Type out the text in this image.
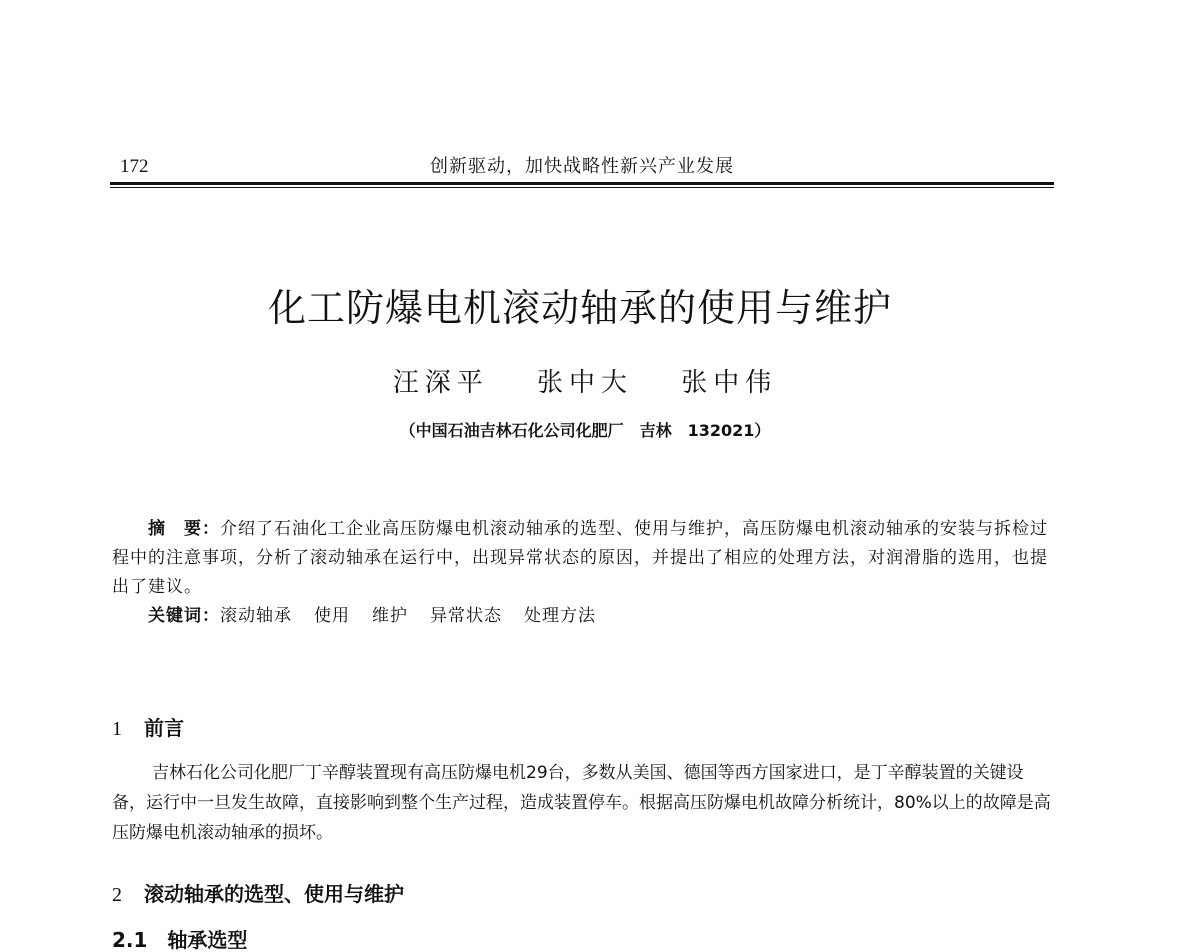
172	创新驱动，加快战略性新兴产业发展
化工防爆电机滚动轴承的使用与维护
汪深平 张中大 张中伟
（中国石油吉林石化公司化肥厂　吉林　132021）

摘　要：介绍了石油化工企业高压防爆电机滚动轴承的选型、使用与维护，高压防爆电机滚动轴承的安装与拆检过程中的注意事项，分析了滚动轴承在运行中，出现异常状态的原因，并提出了相应的处理方法，对润滑脂的选用，也提出了建议。

关键词：滚动轴承 使用 维护 异常状态 处理方法

1 前言

吉林石化公司化肥厂丁辛醇装置现有高压防爆电机29台，多数从美国、德国等西方国家进口，是丁辛醇装置的关键设备，运行中一旦发生故障，直接影响到整个生产过程，造成装置停车。根据高压防爆电机故障分析统计，80%以上的故障是高压防爆电机滚动轴承的损坏。

2 滚动轴承的选型、使用与维护
2.1　轴承选型
